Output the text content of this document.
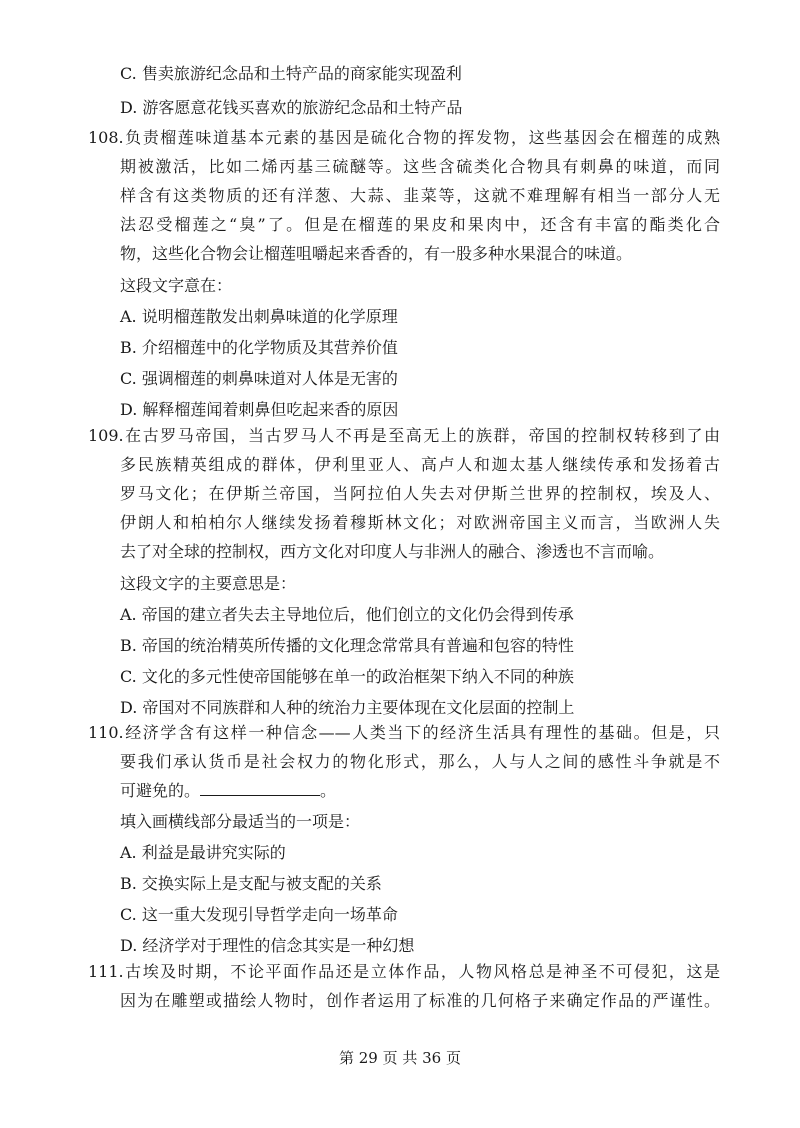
C. 售卖旅游纪念品和土特产品的商家能实现盈利
D. 游客愿意花钱买喜欢的旅游纪念品和土特产品
108.负责榴莲味道基本元素的基因是硫化合物的挥发物，这些基因会在榴莲的成熟
期被激活，比如二烯丙基三硫醚等。这些含硫类化合物具有刺鼻的味道，而同
样含有这类物质的还有洋葱、大蒜、韭菜等，这就不难理解有相当一部分人无
法忍受榴莲之“臭”了。但是在榴莲的果皮和果肉中，还含有丰富的酯类化合
物，这些化合物会让榴莲咀嚼起来香香的，有一股多种水果混合的味道。
这段文字意在：
A. 说明榴莲散发出刺鼻味道的化学原理
B. 介绍榴莲中的化学物质及其营养价值
C. 强调榴莲的刺鼻味道对人体是无害的
D. 解释榴莲闻着刺鼻但吃起来香的原因
109.在古罗马帝国，当古罗马人不再是至高无上的族群，帝国的控制权转移到了由
多民族精英组成的群体，伊利里亚人、高卢人和迦太基人继续传承和发扬着古
罗马文化；在伊斯兰帝国，当阿拉伯人失去对伊斯兰世界的控制权，埃及人、
伊朗人和柏柏尔人继续发扬着穆斯林文化；对欧洲帝国主义而言，当欧洲人失
去了对全球的控制权，西方文化对印度人与非洲人的融合、渗透也不言而喻。
这段文字的主要意思是：
A. 帝国的建立者失去主导地位后，他们创立的文化仍会得到传承
B. 帝国的统治精英所传播的文化理念常常具有普遍和包容的特性
C. 文化的多元性使帝国能够在单一的政治框架下纳入不同的种族
D. 帝国对不同族群和人种的统治力主要体现在文化层面的控制上
110.经济学含有这样一种信念——人类当下的经济生活具有理性的基础。但是，只
要我们承认货币是社会权力的物化形式，那么，人与人之间的感性斗争就是不
可避免的。	。
填入画横线部分最适当的一项是：
A. 利益是最讲究实际的
B. 交换实际上是支配与被支配的关系
C. 这一重大发现引导哲学走向一场革命
D. 经济学对于理性的信念其实是一种幻想
111.古埃及时期，不论平面作品还是立体作品，人物风格总是神圣不可侵犯，这是
因为在雕塑或描绘人物时，创作者运用了标准的几何格子来确定作品的严谨性。
第 29 页 共 36 页
